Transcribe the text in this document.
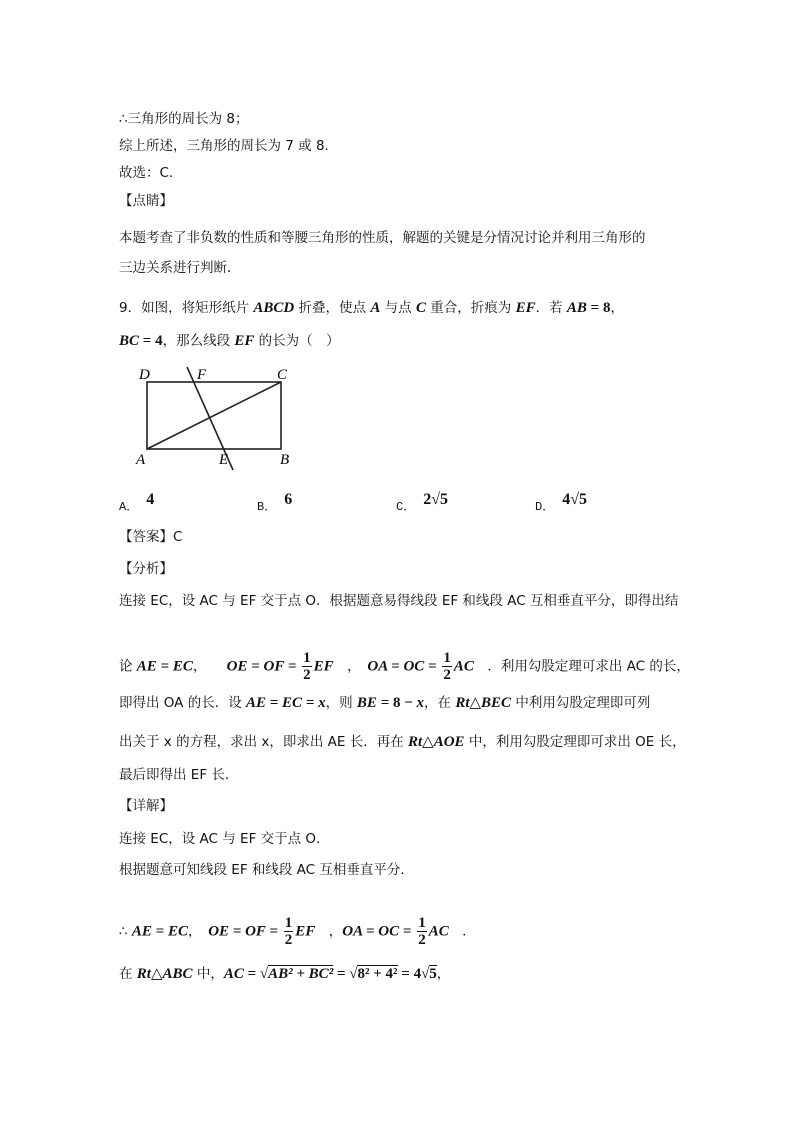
∴三角形的周长为 8；
综上所述，三角形的周长为 7 或 8．
故选：C．
【点睛】
本题考查了非负数的性质和等腰三角形的性质，解题的关键是分情况讨论并利用三角形的
三边关系进行判断．
9．如图，将矩形纸片 ABCD 折叠，使点 A 与点 C 重合，折痕为 EF．若 AB = 8，
BC = 4，那么线段 EF 的长为（　）
【答案】C
【分析】
连接 EC，设 AC 与 EF 交于点 O．根据题意易得线段 EF 和线段 AC 互相垂直平分，即得出结
论 AE = EC，　　OE = OF = $\frac{1}{2}$ EF　，　OA = OC = $\frac{1}{2}$ AC　．利用勾股定理可求出 AC 的长，
即得出 OA 的长．设 AE = EC = x，则 BE = 8 − x，在 Rt△BEC 中利用勾股定理即可列
出关于 x 的方程，求出 x，即求出 AE 长．再在 Rt△AOE 中，利用勾股定理即可求出 OE 长，
最后即得出 EF 长．
【详解】
连接 EC，设 AC 与 EF 交于点 O．
根据题意可知线段 EF 和线段 AC 互相垂直平分．
∴ AE = EC，　OE = OF = $\frac{1}{2}$ EF　，OA = OC = $\frac{1}{2}$ AC　．
在 Rt△ABC 中，AC = √AB² + BC² = √8² + 4² = 4√5，
D	F	C
A	E	B
A． 4	B． 6	C． 2√5	D． 4√5
